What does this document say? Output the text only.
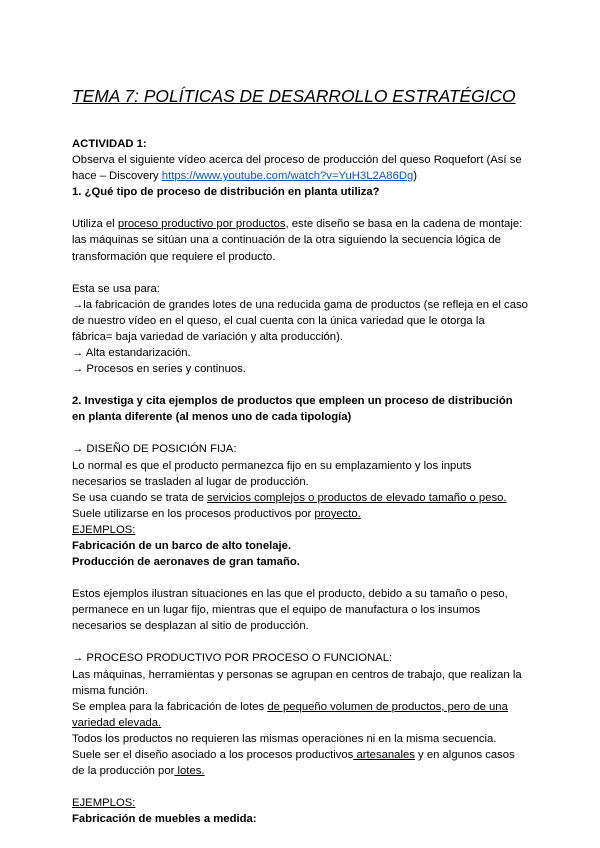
TEMA 7: POLÍTICAS DE DESARROLLO ESTRATÉGICO

ACTIVIDAD 1:

Observa el siguiente vídeo acerca del proceso de producción del queso Roquefort (Así se hace – Discovery https://www.youtube.com/watch?v=YuH3L2A86Dg)

1. ¿Qué tipo de proceso de distribución en planta utiliza?

Utiliza el proceso productivo por productos, este diseño se basa en la cadena de montaje: las máquinas se sitúan una a continuación de la otra siguiendo la secuencia lógica de transformación que requiere el producto.

Esta se usa para:

→la fabricación de grandes lotes de una reducida gama de productos (se refleja en el caso de nuestro vídeo en el queso, el cual cuenta con la única variedad que le otorga la fábrica= baja variedad de variación y alta producción).

→ Alta estandarización.

→ Procesos en series y continuos.

2. Investiga y cita ejemplos de productos que empleen un proceso de distribución en planta diferente (al menos uno de cada tipología)

→ DISEÑO DE POSICIÓN FIJA:

Lo normal es que el producto permanezca fijo en su emplazamiento y los inputs necesarios se trasladen al lugar de producción.

Se usa cuando se trata de servicios complejos o productos de elevado tamaño o peso.

Suele utilizarse en los procesos productivos por proyecto.

EJEMPLOS:

Fabricación de un barco de alto tonelaje.

Producción de aeronaves de gran tamaño.

Estos ejemplos ilustran situaciones en las que el producto, debido a su tamaño o peso, permanece en un lugar fijo, mientras que el equipo de manufactura o los insumos necesarios se desplazan al sitio de producción.

→ PROCESO PRODUCTIVO POR PROCESO O FUNCIONAL:

Las máquinas, herramientas y personas se agrupan en centros de trabajo, que realizan la misma función.

Se emplea para la fabricación de lotes de pequeño volumen de productos, pero de una variedad elevada.

Todos los productos no requieren las mismas operaciones ni en la misma secuencia.

Suele ser el diseño asociado a los procesos productivos artesanales y en algunos casos de la producción por lotes.

EJEMPLOS:

Fabricación de muebles a medida:
